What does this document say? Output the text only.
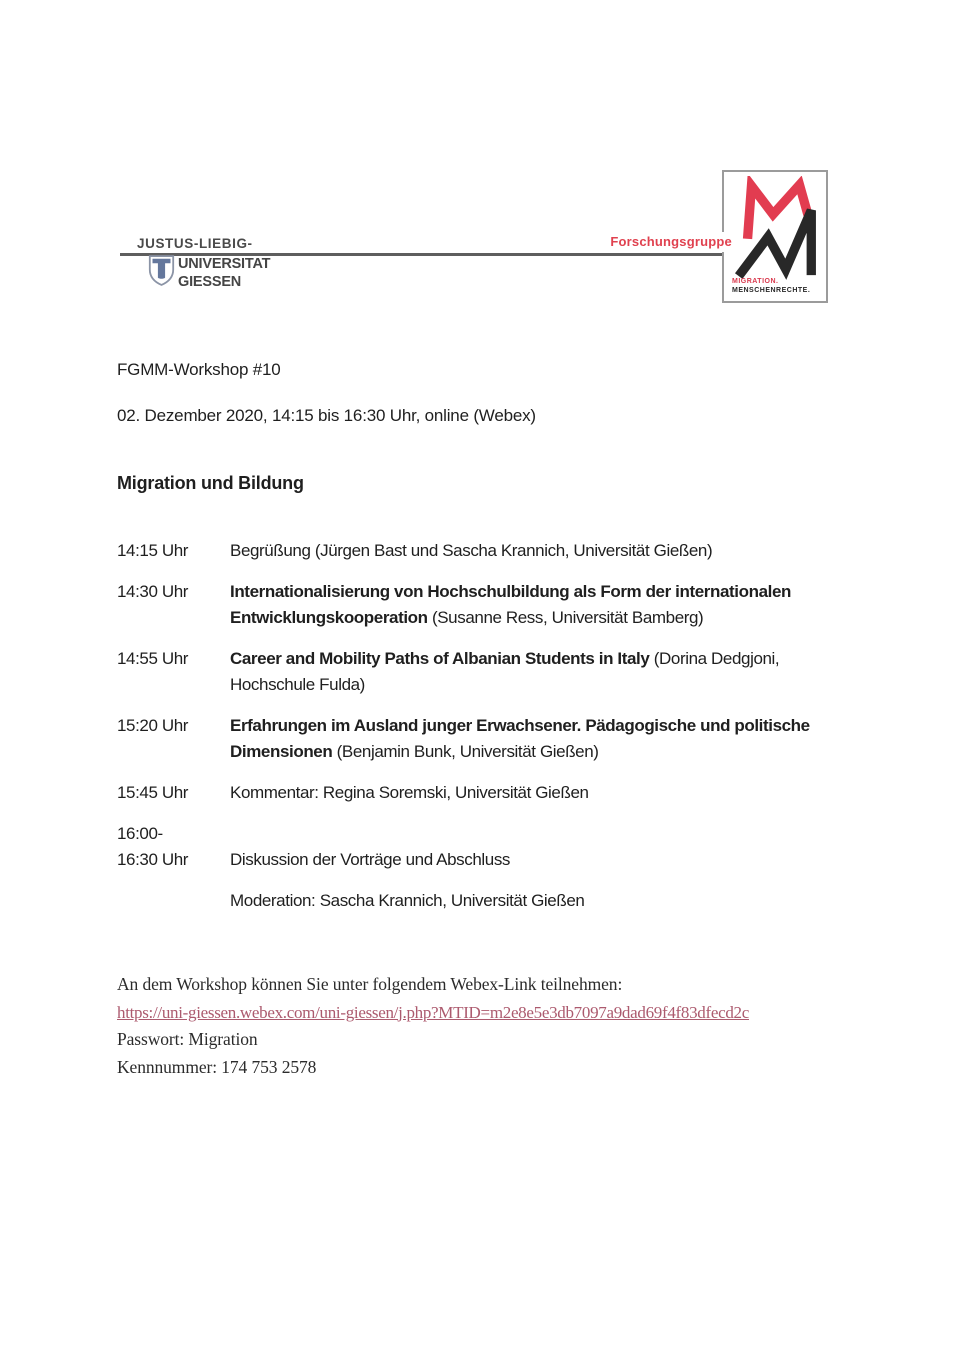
JUSTUS-LIEBIG-
UNIVERSITAT
GIESSEN
Forschungsgruppe
MIGRATION.
MENSCHENRECHTE.
FGMM-Workshop #10
02. Dezember 2020, 14:15 bis 16:30 Uhr, online (Webex)
Migration und Bildung
14:15 Uhr	Begrüßung (Jürgen Bast und Sascha Krannich, Universität Gießen)
14:30 Uhr	Internationalisierung von Hochschulbildung als Form der internationalen
Entwicklungskooperation (Susanne Ress, Universität Bamberg)
14:55 Uhr	Career and Mobility Paths of Albanian Students in Italy (Dorina Dedgjoni,
Hochschule Fulda)
15:20 Uhr	Erfahrungen im Ausland junger Erwachsener. Pädagogische und politische
Dimensionen (Benjamin Bunk, Universität Gießen)
15:45 Uhr	Kommentar: Regina Soremski, Universität Gießen
16:00-
16:30 Uhr	Diskussion der Vorträge und Abschluss
Moderation: Sascha Krannich, Universität Gießen
An dem Workshop können Sie unter folgendem Webex-Link teilnehmen:
https://uni-giessen.webex.com/uni-giessen/j.php?MTID=m2e8e5e3db7097a9dad69f4f83dfecd2c
Passwort: Migration
Kennnummer: 174 753 2578
